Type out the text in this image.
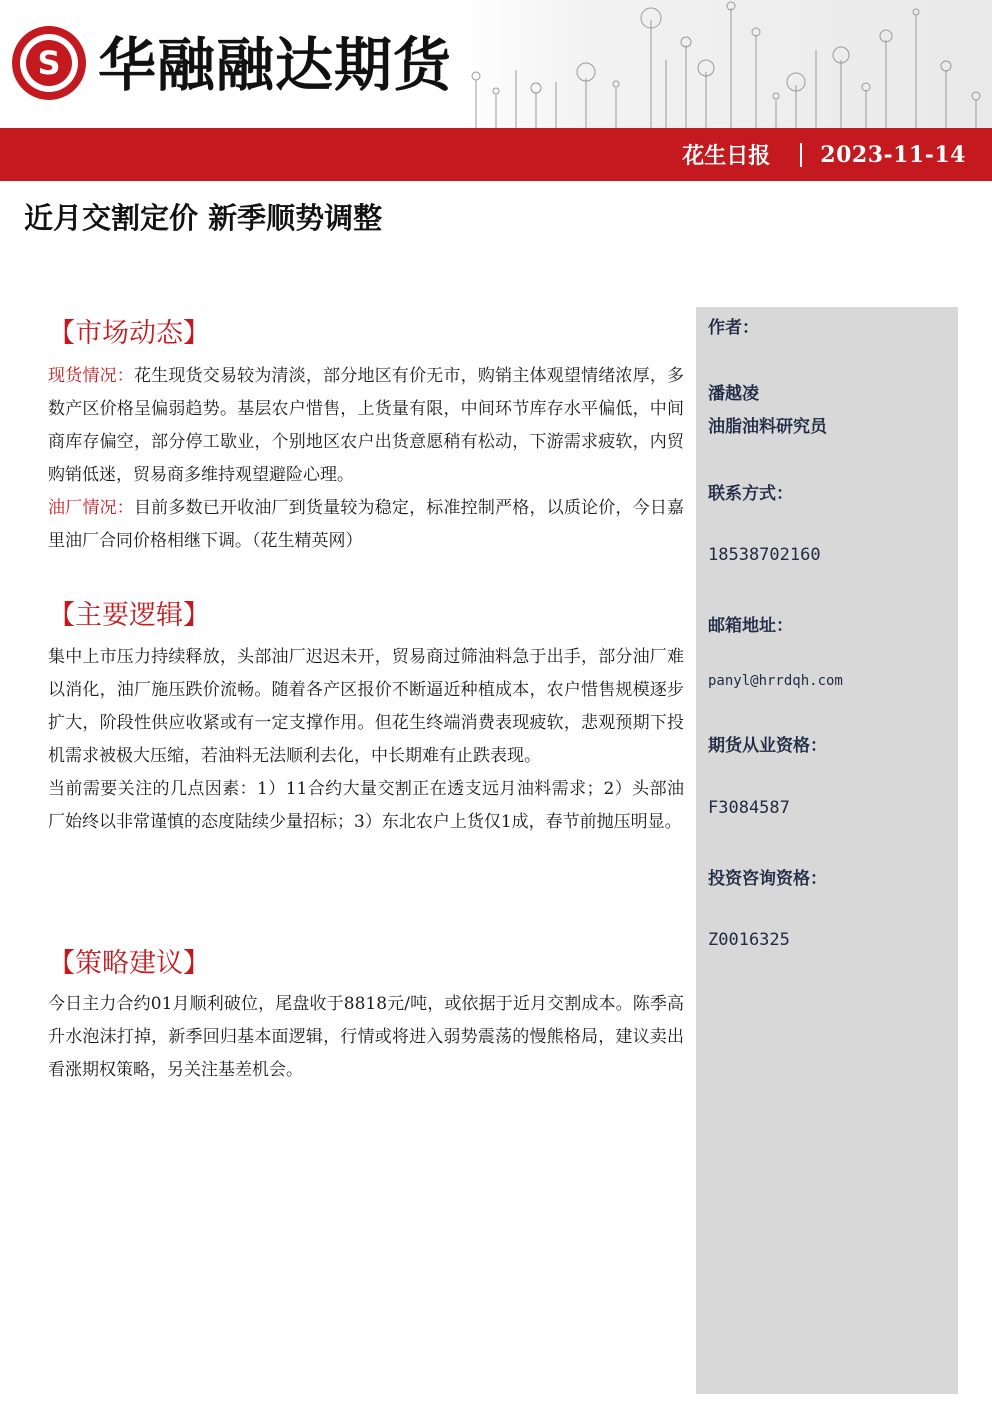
S 华融融达期货
花生日报 2023-11-14
近月交割定价 新季顺势调整
【市场动态】

现货情况：花生现货交易较为清淡，部分地区有价无市，购销主体观望情绪浓厚，多数产区价格呈偏弱趋势。基层农户惜售，上货量有限，中间环节库存水平偏低，中间商库存偏空，部分停工歇业，个别地区农户出货意愿稍有松动，下游需求疲软，内贸购销低迷，贸易商多维持观望避险心理。

油厂情况：目前多数已开收油厂到货量较为稳定，标准控制严格，以质论价，今日嘉里油厂合同价格相继下调。（花生精英网）

【主要逻辑】

集中上市压力持续释放，头部油厂迟迟未开，贸易商过筛油料急于出手，部分油厂难以消化，油厂施压跌价流畅。随着各产区报价不断逼近种植成本，农户惜售规模逐步扩大，阶段性供应收紧或有一定支撑作用。但花生终端消费表现疲软，悲观预期下投机需求被极大压缩，若油料无法顺利去化，中长期难有止跌表现。

当前需要关注的几点因素：1）11合约大量交割正在透支远月油料需求；2）头部油厂始终以非常谨慎的态度陆续少量招标；3）东北农户上货仅1成，春节前抛压明显。

【策略建议】

今日主力合约01月顺利破位，尾盘收于8818元/吨，或依据于近月交割成本。陈季高升水泡沫打掉，新季回归基本面逻辑，行情或将进入弱势震荡的慢熊格局，建议卖出看涨期权策略，另关注基差机会。

作者：
潘越凌
油脂油料研究员
联系方式：
18538702160
邮箱地址：
panyl@hrrdqh.com
期货从业资格：
F3084587
投资咨询资格：
Z0016325
